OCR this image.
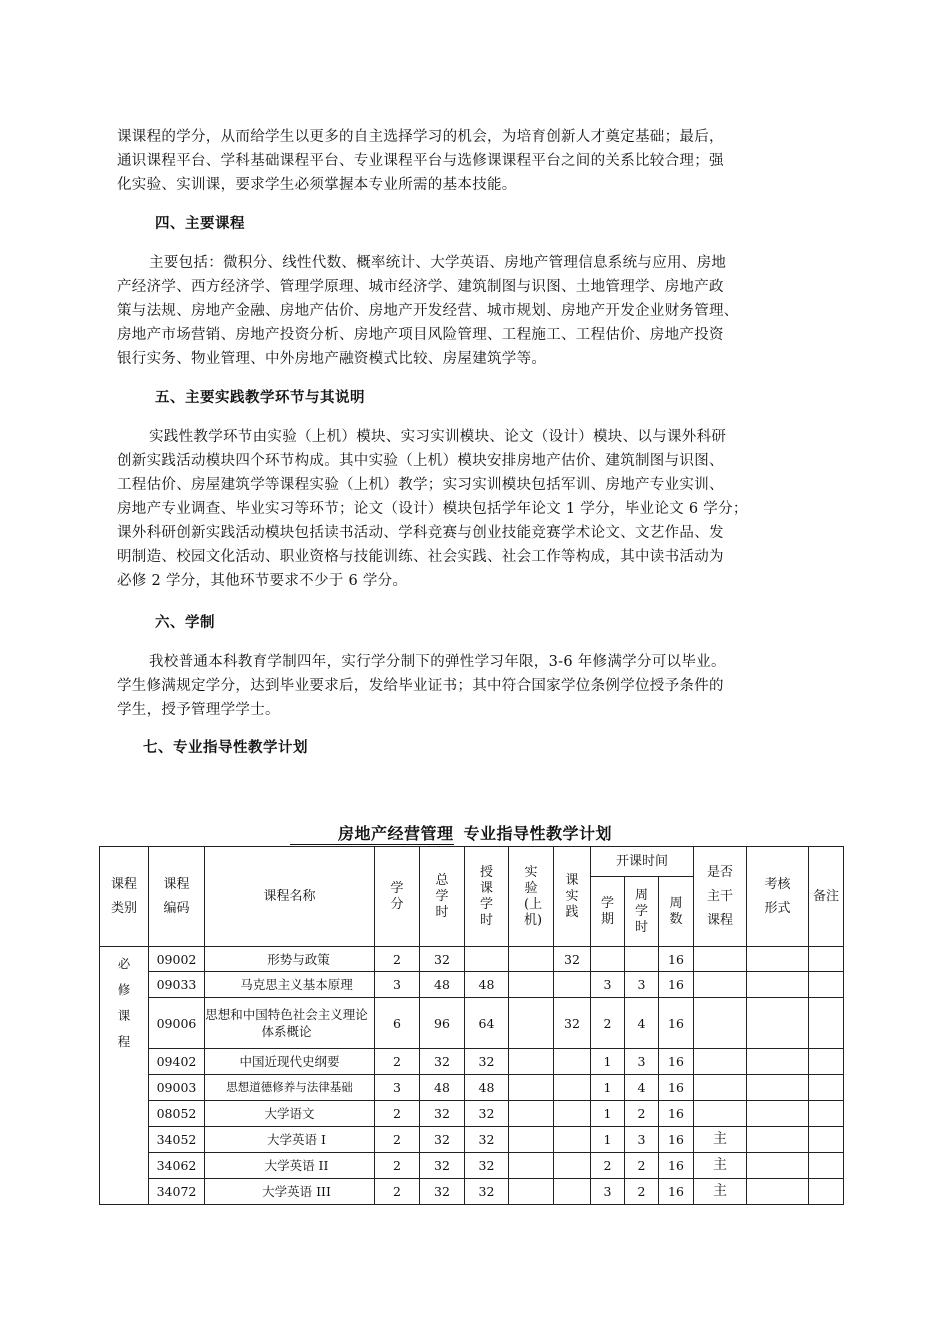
课课程的学分，从而给学生以更多的自主选择学习的机会，为培育创新人才奠定基础；最后，
通识课程平台、学科基础课程平台、专业课程平台与选修课课程平台之间的关系比较合理；强
化实验、实训课，要求学生必须掌握本专业所需的基本技能。

四、主要课程

主要包括：微积分、线性代数、概率统计、大学英语、房地产管理信息系统与应用、房地
产经济学、西方经济学、管理学原理、城市经济学、建筑制图与识图、土地管理学、房地产政
策与法规、房地产金融、房地产估价、房地产开发经营、城市规划、房地产开发企业财务管理、
房地产市场营销、房地产投资分析、房地产项目风险管理、工程施工、工程估价、房地产投资
银行实务、物业管理、中外房地产融资模式比较、房屋建筑学等。

五、主要实践教学环节与其说明

实践性教学环节由实验（上机）模块、实习实训模块、论文（设计）模块、以与课外科研
创新实践活动模块四个环节构成。其中实验（上机）模块安排房地产估价、建筑制图与识图、
工程估价、房屋建筑学等课程实验（上机）教学；实习实训模块包括军训、房地产专业实训、
房地产专业调查、毕业实习等环节；论文（设计）模块包括学年论文 1 学分，毕业论文 6 学分；
课外科研创新实践活动模块包括读书活动、学科竞赛与创业技能竞赛学术论文、文艺作品、发
明制造、校园文化活动、职业资格与技能训练、社会实践、社会工作等构成，其中读书活动为
必修 2 学分，其他环节要求不少于 6 学分。

六、学制

我校普通本科教育学制四年，实行学分制下的弹性学习年限，3-6 年修满学分可以毕业。
学生修满规定学分，达到毕业要求后，发给毕业证书；其中符合国家学位条例学位授予条件的
学生，授予管理学学士。

七、专业指导性教学计划

房地产经营管理 专业指导性教学计划
课程类别	课程编码	课程名称	学分	总学时	授课学时	实验(上机)	课实践	开课时间			是否主干课程	考核形式	备注
								学期	周学时	周数			
必修课程	09002	形势与政策	2	32			32			16			
	09033	马克思主义基本原理	3	48	48			3	3	16			
	09006	思想和中国特色社会主义理论体系概论	6	96	64		32	2	4	16			
	09402	中国近现代史纲要	2	32	32			1	3	16			
	09003	思想道德修养与法律基础	3	48	48			1	4	16			
	08052	大学语文	2	32	32			1	2	16			
	34052	大学英语 I	2	32	32			1	3	16	主		
	34062	大学英语 II	2	32	32			2	2	16	主		
	34072	大学英语 III	2	32	32			3	2	16	主		
